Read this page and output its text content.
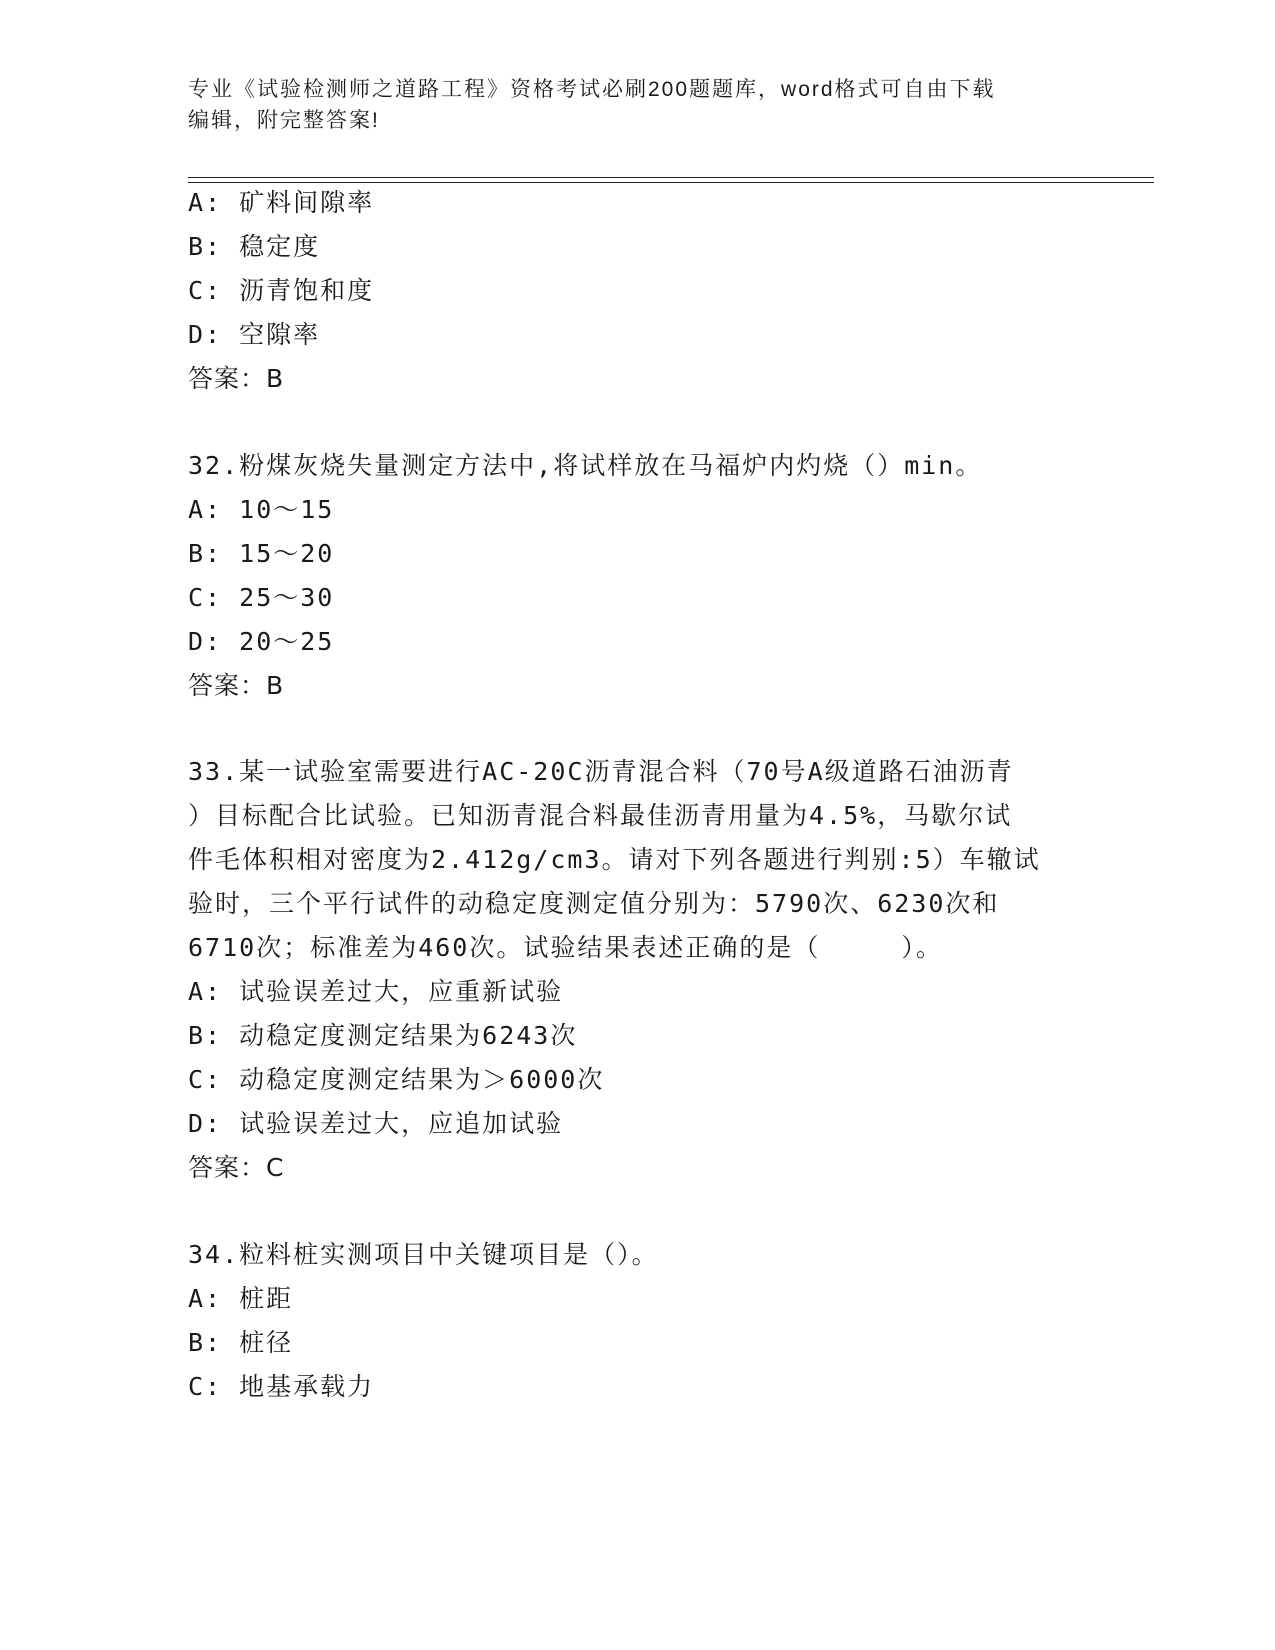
专业《试验检测师之道路工程》资格考试必刷200题题库，word格式可自由下载
编辑，附完整答案!
A: 矿料间隙率
B: 稳定度
C: 沥青饱和度
D: 空隙率
答案：B
32.粉煤灰烧失量测定方法中,将试样放在马福炉内灼烧（）min。
A: 10～15
B: 15～20
C: 25～30
D: 20～25
答案：B
33.某一试验室需要进行AC-20C沥青混合料（70号A级道路石油沥青
）目标配合比试验。已知沥青混合料最佳沥青用量为4.5%，马歇尔试
件毛体积相对密度为2.412g/cm3。请对下列各题进行判别:5）车辙试
验时，三个平行试件的动稳定度测定值分别为：5790次、6230次和
6710次；标准差为460次。试验结果表述正确的是（　　　）。
A: 试验误差过大，应重新试验
B: 动稳定度测定结果为6243次
C: 动稳定度测定结果为＞6000次
D: 试验误差过大，应追加试验
答案：C
34.粒料桩实测项目中关键项目是（）。
A: 桩距
B: 桩径
C: 地基承载力
